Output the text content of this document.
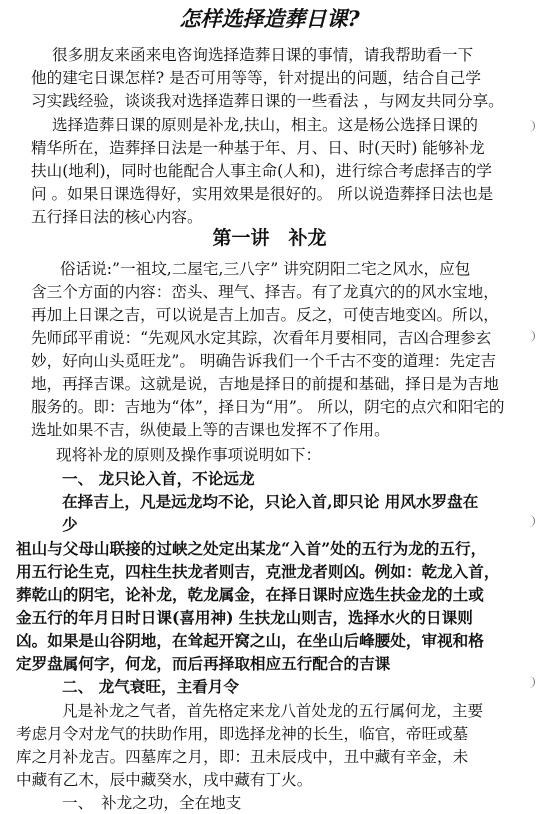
怎样选择造葬日课?
很多朋友来函来电咨询选择造葬日课的事情，请我帮助看一下
他的建宅日课怎样? 是否可用等等，针对提出的问题，结合自己学
习实践经验，谈谈我对选择造葬日课的一些看法 ，与网友共同分享。
选择造葬日课的原则是补龙,扶山，相主。这是杨公选择日课的
精华所在，造葬择日法是一种基于年、月、日、时(天时) 能够补龙
扶山(地利)，同时也能配合人事主命(人和)，进行综合考虑择吉的学
问 。如果日课选得好，实用效果是很好的。 所以说造葬择日法也是
五行择日法的核心内容。
第一讲　补龙
俗话说:”一祖坟,二屋宅,三八字” 讲究阴阳二宅之风水，应包
含三个方面的内容：峦头、理气、择吉。有了龙真穴的的风水宝地，
再加上日课之吉，可以说是吉上加吉。反之，可使吉地变凶。所以，
先师邱平甫说：“先观风水定其踪，次看年月要相同，吉凶合理参玄
妙，好向山头觅旺龙”。 明确告诉我们一个千古不变的道理：先定吉
地，再择吉课。这就是说，吉地是择日的前提和基础，择日是为吉地
服务的。即：吉地为“体”，择日为“用”。 所以，阴宅的点穴和阳宅的
选址如果不吉，纵使最上等的吉课也发挥不了作用。
现将补龙的原则及操作事项说明如下：
一、 龙只论入首，不论远龙
在择吉上，凡是远龙均不论，只论入首,即只论 用风水罗盘在
少
祖山与父母山联接的过峡之处定出某龙“入首”处的五行为龙的五行，
用五行论生克，四柱生扶龙者则吉，克泄龙者则凶。例如：乾龙入首，
葬乾山的阴宅，论补龙，乾龙属金，在择日课时应选生扶金龙的土或
金五行的年月日时日课(喜用神) 生扶龙山则吉，选择水火的日课则
凶。如果是山谷阴地，在耸起开窝之山，在坐山后峰腰处，审视和格
定罗盘属何字，何龙，而后再择取相应五行配合的吉课
二、 龙气衰旺，主看月令
凡是补龙之气者，首先格定来龙八首处龙的五行属何龙，主要
考虑月令对龙气的扶助作用，即选择龙神的长生，临官，帝旺或墓
库之月补龙吉。四墓库之月，即：丑未辰戌中，丑中藏有辛金，未
中藏有乙木，辰中藏癸水，戌中藏有丁火。
一、　补龙之功，全在地支
